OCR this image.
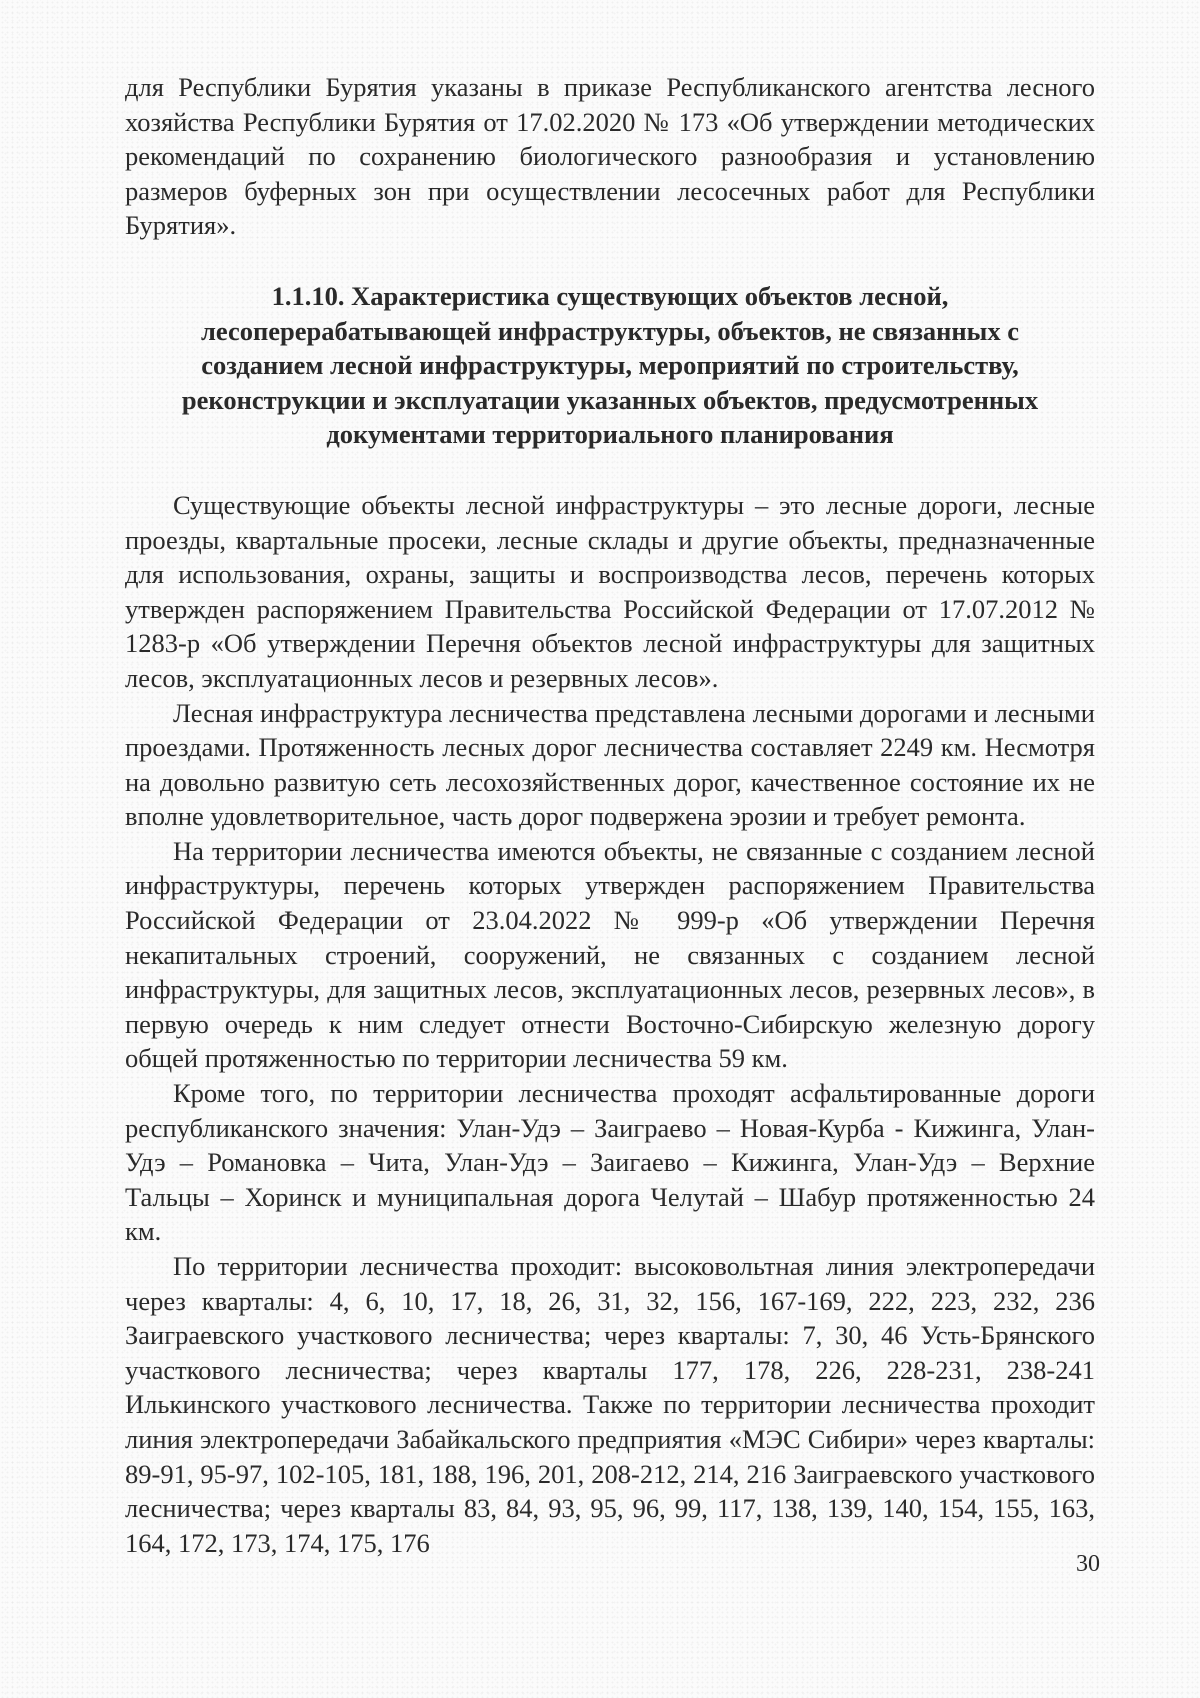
для Республики Бурятия указаны в приказе Республиканского агентства лесного хозяйства Республики Бурятия от 17.02.2020 № 173 «Об утверждении методических рекомендаций по сохранению биологического разнообразия и установлению размеров буферных зон при осуществлении лесосечных работ для Республики Бурятия».

1.1.10. Характеристика существующих объектов лесной,
лесоперерабатывающей инфраструктуры, объектов, не связанных с
созданием лесной инфраструктуры, мероприятий по строительству,
реконструкции и эксплуатации указанных объектов, предусмотренных
документами территориального планирования

Существующие объекты лесной инфраструктуры – это лесные дороги, лесные проезды, квартальные просеки, лесные склады и другие объекты, предназначенные для использования, охраны, защиты и воспроизводства лесов, перечень которых утвержден распоряжением Правительства Российской Федерации от 17.07.2012 № 1283-р «Об утверждении Перечня объектов лесной инфраструктуры для защитных лесов, эксплуатационных лесов и резервных лесов».

Лесная инфраструктура лесничества представлена лесными дорогами и лесными проездами. Протяженность лесных дорог лесничества составляет 2249 км. Несмотря на довольно развитую сеть лесохозяйственных дорог, качественное состояние их не вполне удовлетворительное, часть дорог подвержена эрозии и требует ремонта.

На территории лесничества имеются объекты, не связанные с созданием лесной инфраструктуры, перечень которых утвержден распоряжением Правительства Российской Федерации от 23.04.2022 № 999-р «Об утверждении Перечня некапитальных строений, сооружений, не связанных с созданием лесной инфраструктуры, для защитных лесов, эксплуатационных лесов, резервных лесов», в первую очередь к ним следует отнести Восточно-Сибирскую железную дорогу общей протяженностью по территории лесничества 59 км.

Кроме того, по территории лесничества проходят асфальтированные дороги республиканского значения: Улан-Удэ – Заиграево – Новая-Курба - Кижинга, Улан-Удэ – Романовка – Чита, Улан-Удэ – Заигаево – Кижинга, Улан-Удэ – Верхние Тальцы – Хоринск и муниципальная дорога Челутай – Шабур протяженностью 24 км.

По территории лесничества проходит: высоковольтная линия электропередачи через кварталы: 4, 6, 10, 17, 18, 26, 31, 32, 156, 167-169, 222, 223, 232, 236 Заиграевского участкового лесничества; через кварталы: 7, 30, 46 Усть-Брянского участкового лесничества; через кварталы 177, 178, 226, 228-231, 238-241 Илькинского участкового лесничества. Также по территории лесничества проходит линия электропередачи Забайкальского предприятия «МЭС Сибири» через кварталы: 89-91, 95-97, 102-105, 181, 188, 196, 201, 208-212, 214, 216 Заиграевского участкового лесничества; через кварталы 83, 84, 93, 95, 96, 99, 117, 138, 139, 140, 154, 155, 163, 164, 172, 173, 174, 175, 176

30
